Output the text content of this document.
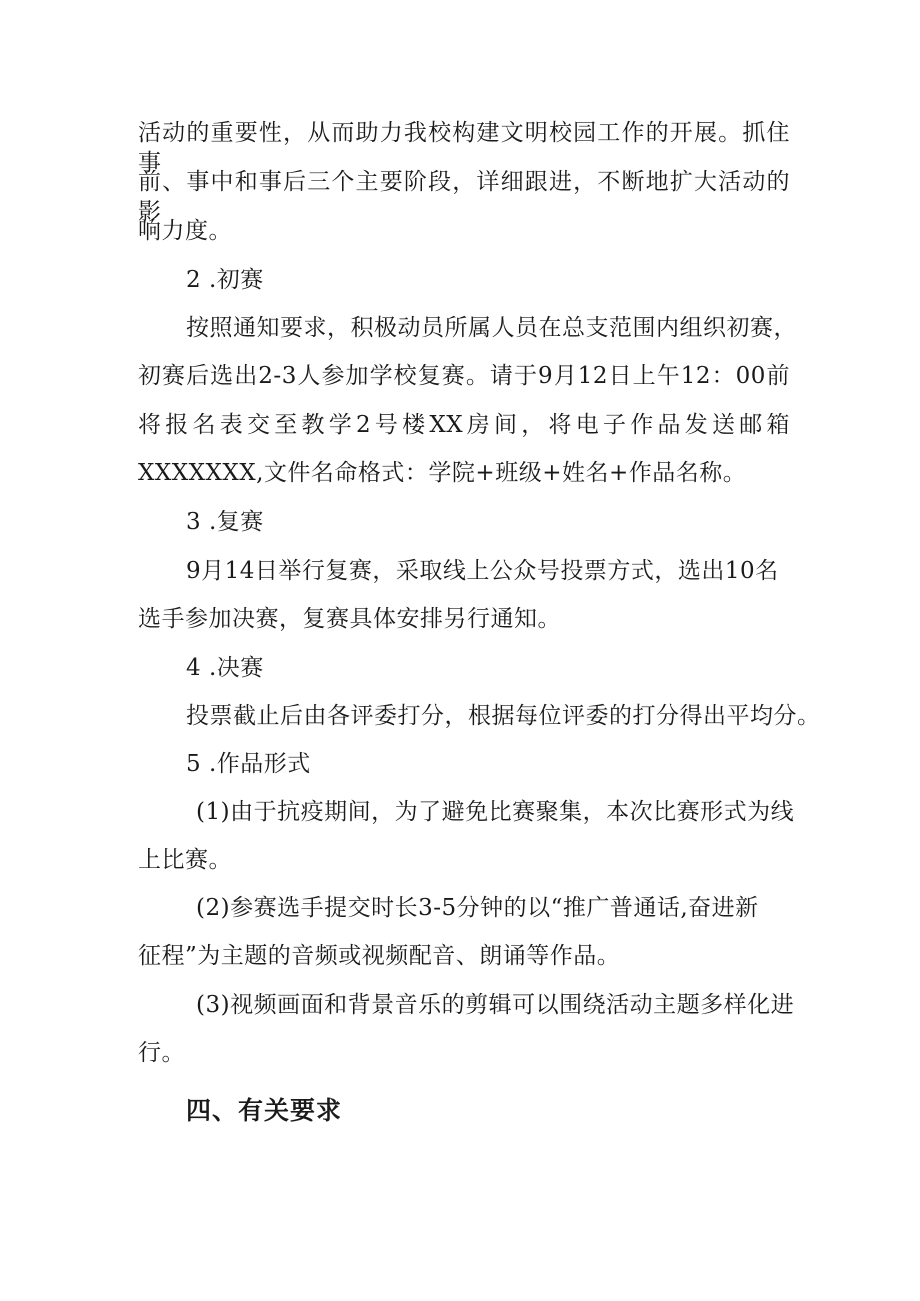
活动的重要性，从而助力我校构建文明校园工作的开展。抓住事
前、事中和事后三个主要阶段，详细跟进，不断地扩大活动的影
响力度。
2 .初赛
按照通知要求，积极动员所属人员在总支范围内组织初赛，
初赛后选出2-3人参加学校复赛。请于9月12日上午12：00前
将报名表交至教学2号楼XX房间，将电子作品发送邮箱
XXXXXXX,文件名命格式：学院+班级+姓名+作品名称。
3 .复赛
9月14日举行复赛，采取线上公众号投票方式，选出10名
选手参加决赛，复赛具体安排另行通知。
4 .决赛
投票截止后由各评委打分，根据每位评委的打分得出平均分。
5 .作品形式
(1)由于抗疫期间，为了避免比赛聚集，本次比赛形式为线
上比赛。
(2)参赛选手提交时长3-5分钟的以“推广普通话,奋进新
征程”为主题的音频或视频配音、朗诵等作品。
(3)视频画面和背景音乐的剪辑可以围绕活动主题多样化进
行。
四、有关要求
